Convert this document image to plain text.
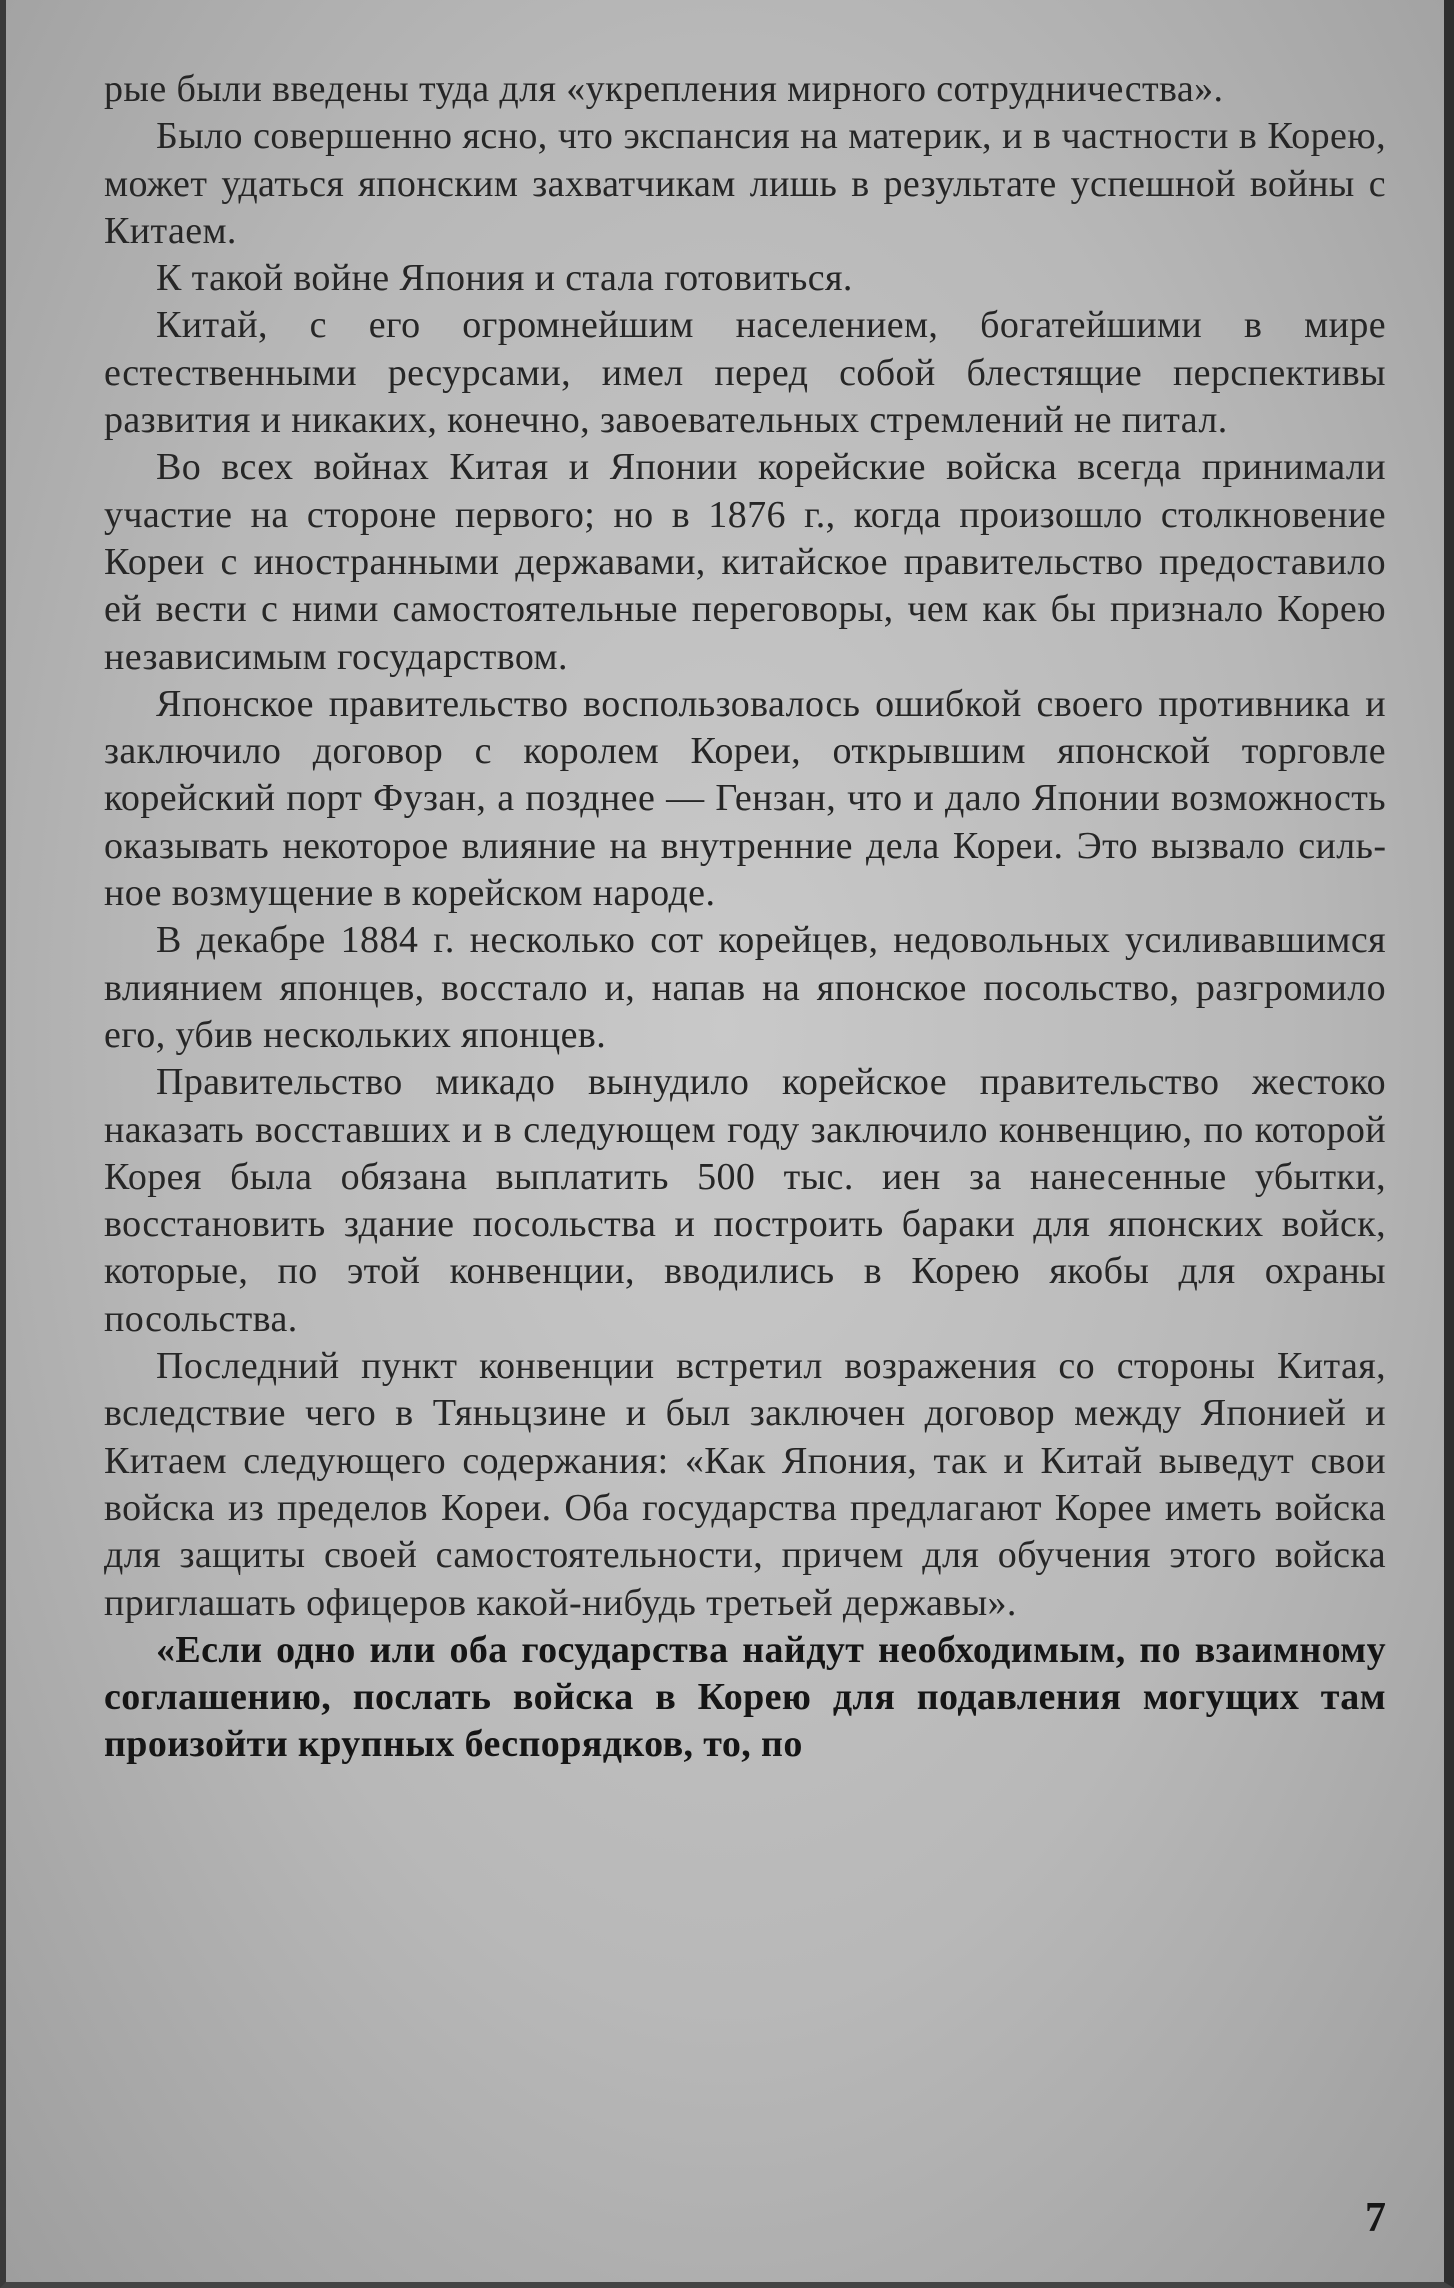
рые были введены туда для «укрепления мирного сотрудничества».

Было совершенно ясно, что экспансия на материк, и в частности в Корею, может удаться японским захватчикам лишь в результате успешной войны с Китаем.

К такой войне Япония и стала готовиться.

Китай, с его огромнейшим населением, богатейшими в мире естественными ресурсами, имел перед собой блестящие перспективы развития и никаких, конечно, завоевательных стремлений не питал.

Во всех войнах Китая и Японии корейские войска всегда принимали участие на стороне первого; но в 1876 г., когда произошло столкновение Кореи с иностранными державами, китайское правительство предоставило ей вести с ними самостоятельные переговоры, чем как бы признало Корею независимым государством.

Японское правительство воспользовалось ошибкой своего противника и заключило договор с королем Кореи, открывшим японской торговле корейский порт Фузан, а позднее — Гензан, что и дало Японии возможность оказывать некоторое влияние на внутренние дела Кореи. Это вызвало сильное возмущение в корейском народе.

В декабре 1884 г. несколько сот корейцев, недовольных усиливавшимся влиянием японцев, восстало и, напав на японское посольство, разгромило его, убив нескольких японцев.

Правительство микадо вынудило корейское правительство жестоко наказать восставших и в следующем году заключило конвенцию, по которой Корея была обязана выплатить 500 тыс. иен за нанесенные убытки, восстановить здание посольства и построить бараки для японских войск, которые, по этой конвенции, вводились в Корею якобы для охраны посольства.

Последний пункт конвенции встретил возражения со стороны Китая, вследствие чего в Тяньцзине и был заключен договор между Японией и Китаем следующего содержания: «Как Япония, так и Китай выведут свои войска из пределов Кореи. Оба государства предлагают Корее иметь войска для защиты своей самостоятельности, причем для обучения этого войска приглашать офицеров какой-нибудь третьей державы».

«Если одно или оба государства найдут необходимым, по взаимному соглашению, послать войска в Корею для подавления могущих там произойти крупных беспорядков, то, по

7
